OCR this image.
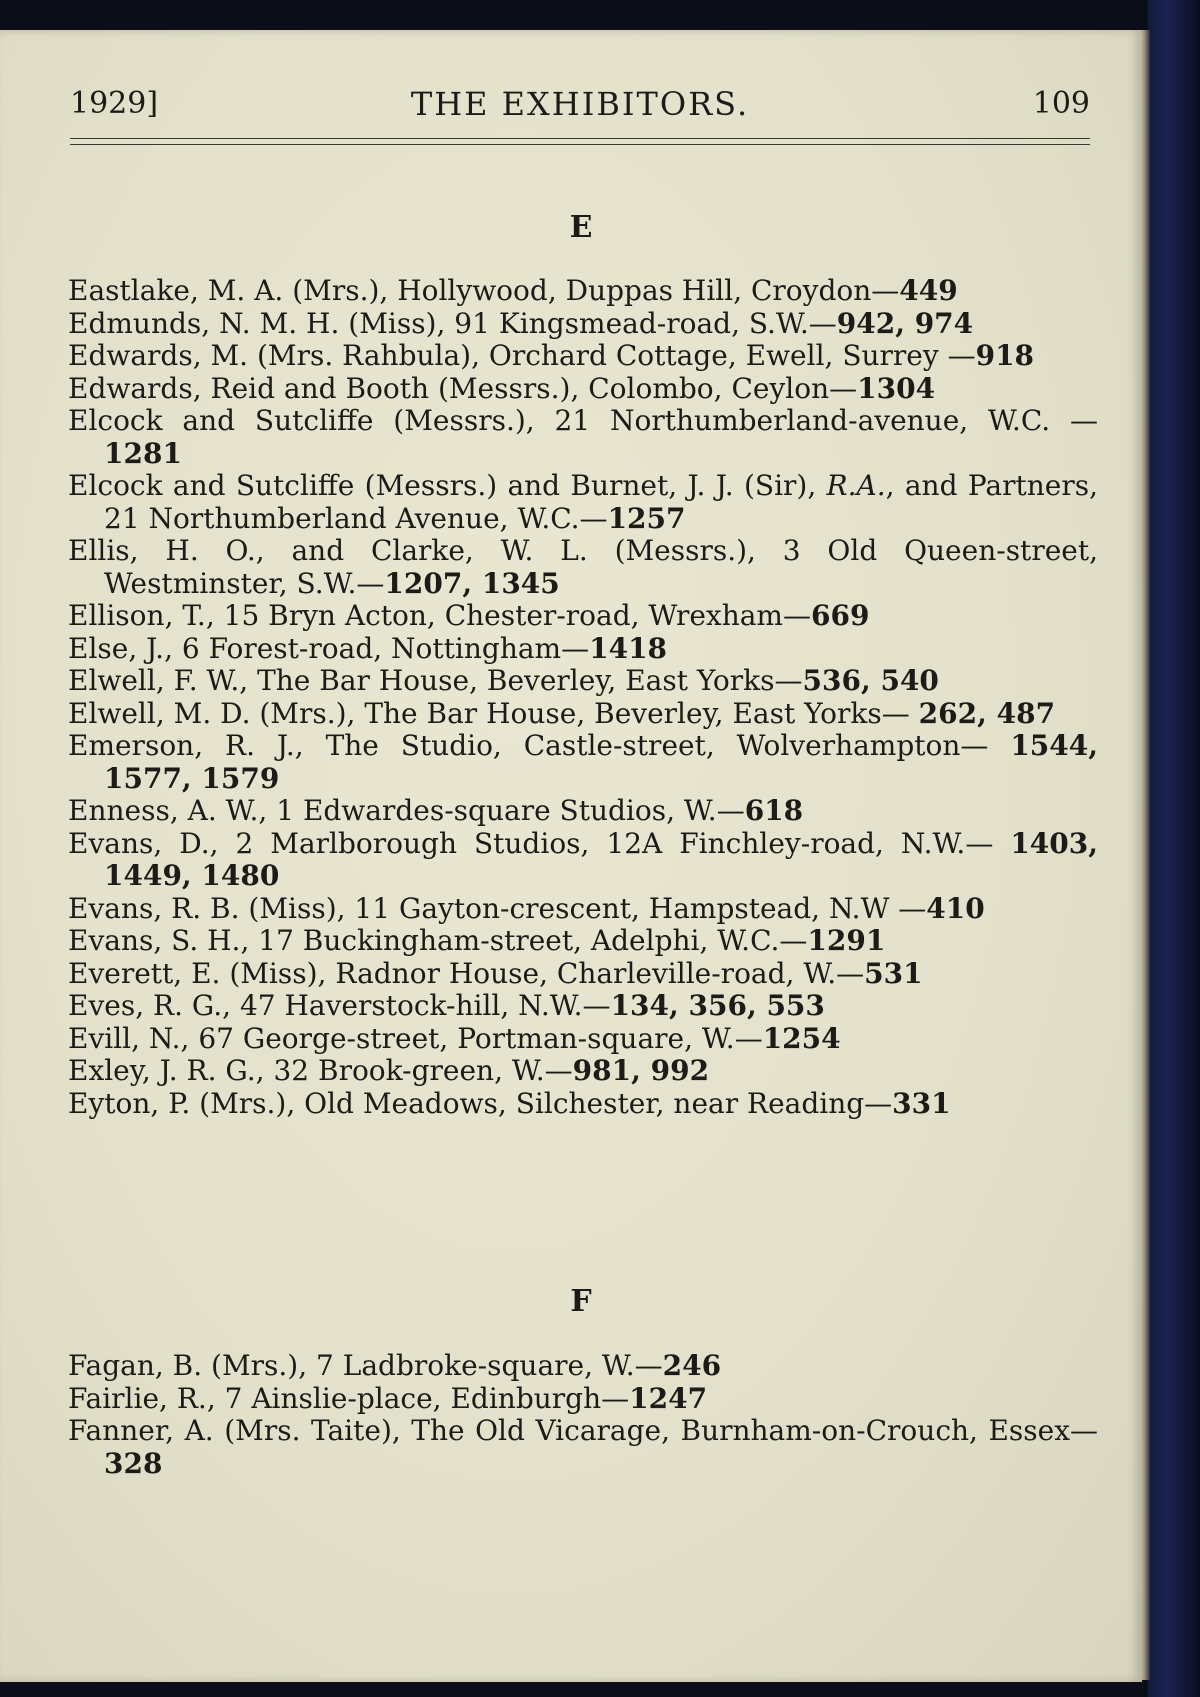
1929]	THE EXHIBITORS.	109
E

Eastlake, M. A. (Mrs.), Hollywood, Duppas Hill, Croydon—449

Edmunds, N. M. H. (Miss), 91 Kingsmead-road, S.W.—942, 974

Edwards, M. (Mrs. Rahbula), Orchard Cottage, Ewell, Surrey —918

Edwards, Reid and Booth (Messrs.), Colombo, Ceylon—1304

Elcock and Sutcliffe (Messrs.), 21 Northumberland-avenue, W.C. —1281

Elcock and Sutcliffe (Messrs.) and Burnet, J. J. (Sir), R.A., and Partners, 21 Northumberland Avenue, W.C.—1257

Ellis, H. O., and Clarke, W. L. (Messrs.), 3 Old Queen-street, Westminster, S.W.—1207, 1345

Ellison, T., 15 Bryn Acton, Chester-road, Wrexham—669

Else, J., 6 Forest-road, Nottingham—1418

Elwell, F. W., The Bar House, Beverley, East Yorks—536, 540

Elwell, M. D. (Mrs.), The Bar House, Beverley, East Yorks— 262, 487

Emerson, R. J., The Studio, Castle-street, Wolverhampton— 1544, 1577, 1579

Enness, A. W., 1 Edwardes-square Studios, W.—618

Evans, D., 2 Marlborough Studios, 12A Finchley-road, N.W.— 1403, 1449, 1480

Evans, R. B. (Miss), 11 Gayton-crescent, Hampstead, N.W —410

Evans, S. H., 17 Buckingham-street, Adelphi, W.C.—1291

Everett, E. (Miss), Radnor House, Charleville-road, W.—531

Eves, R. G., 47 Haverstock-hill, N.W.—134, 356, 553

Evill, N., 67 George-street, Portman-square, W.—1254

Exley, J. R. G., 32 Brook-green, W.—981, 992

Eyton, P. (Mrs.), Old Meadows, Silchester, near Reading—331

F

Fagan, B. (Mrs.), 7 Ladbroke-square, W.—246

Fairlie, R., 7 Ainslie-place, Edinburgh—1247

Fanner, A. (Mrs. Taite), The Old Vicarage, Burnham-on-Crouch, Essex—328
